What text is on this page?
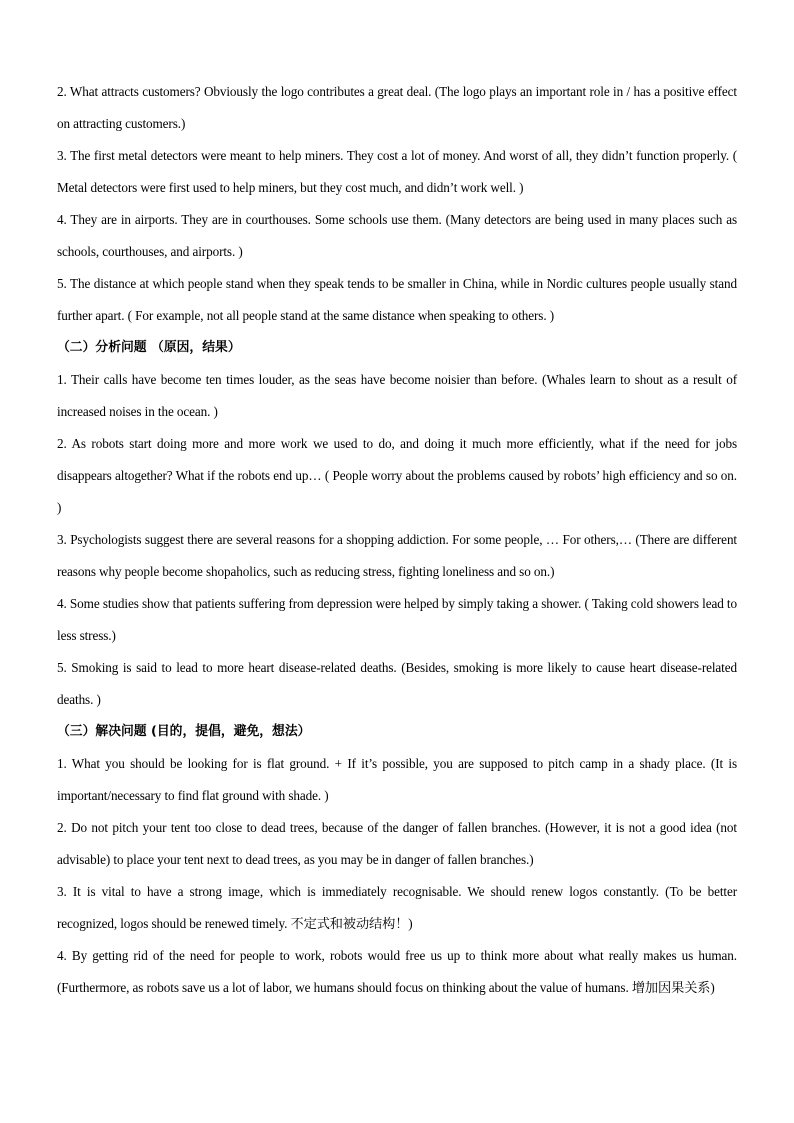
2. What attracts customers? Obviously the logo contributes a great deal. (The logo plays an important role in / has a positive effect on attracting customers.)

3. The first metal detectors were meant to help miners. They cost a lot of money. And worst of all, they didn’t function properly. ( Metal detectors were first used to help miners, but they cost much, and didn’t work well. )

4. They are in airports. They are in courthouses. Some schools use them. (Many detectors are being used in many places such as schools, courthouses, and airports. )

5. The distance at which people stand when they speak tends to be smaller in China, while in Nordic cultures people usually stand further apart. ( For example, not all people stand at the same distance when speaking to others. )

（二）分析问题 （原因，结果）

1. Their calls have become ten times louder, as the seas have become noisier than before. (Whales learn to shout as a result of increased noises in the ocean. )

2. As robots start doing more and more work we used to do, and doing it much more efficiently, what if the need for jobs disappears altogether? What if the robots end up… ( People worry about the problems caused by robots’ high efficiency and so on. )

3. Psychologists suggest there are several reasons for a shopping addiction. For some people, … For others,… (There are different reasons why people become shopaholics, such as reducing stress, fighting loneliness and so on.)

4. Some studies show that patients suffering from depression were helped by simply taking a shower. ( Taking cold showers lead to less stress.)

5. Smoking is said to lead to more heart disease-related deaths. (Besides, smoking is more likely to cause heart disease-related deaths. )

（三）解决问题 (目的，提倡，避免，想法）

1. What you should be looking for is flat ground. + If it’s possible, you are supposed to pitch camp in a shady place. (It is important/necessary to find flat ground with shade. )

2. Do not pitch your tent too close to dead trees, because of the danger of fallen branches. (However, it is not a good idea (not advisable) to place your tent next to dead trees, as you may be in danger of fallen branches.)

3. It is vital to have a strong image, which is immediately recognisable. We should renew logos constantly. (To be better recognized, logos should be renewed timely. 不定式和被动结构！)

4. By getting rid of the need for people to work, robots would free us up to think more about what really makes us human. (Furthermore, as robots save us a lot of labor, we humans should focus on thinking about the value of humans. 增加因果关系)
